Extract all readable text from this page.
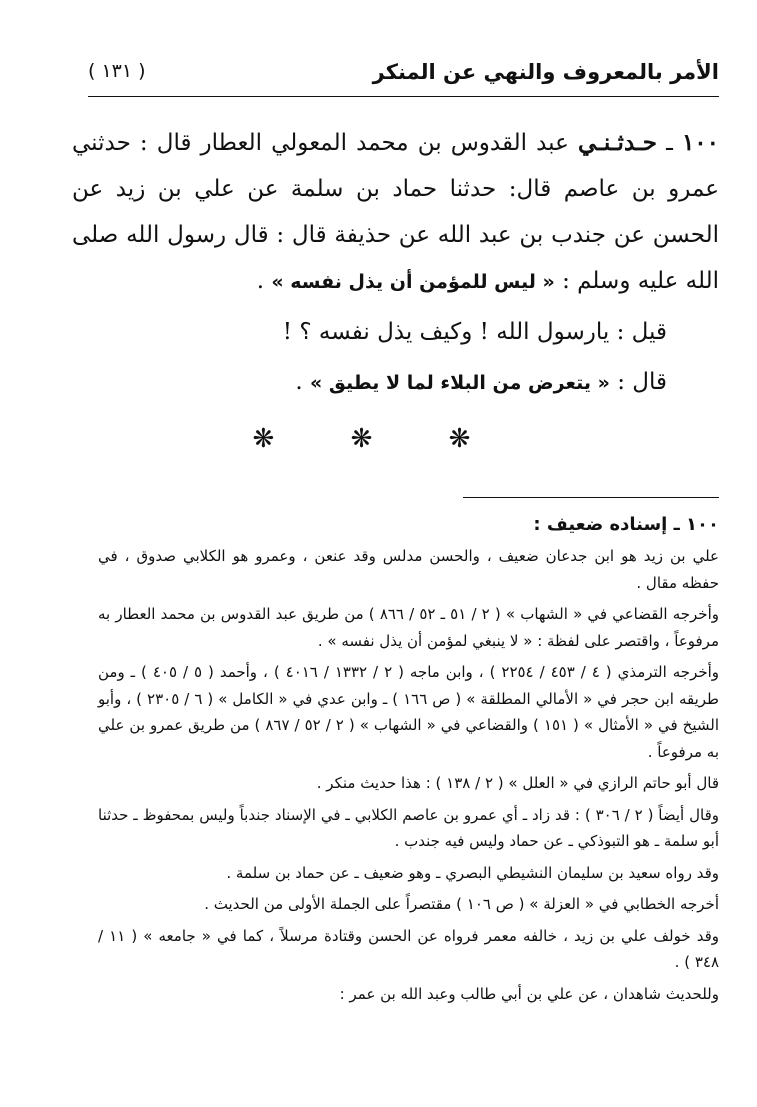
الأمر بالمعروف والنهي عن المنكر
( ١٣١ )

١٠٠ ـ حـدثـنـي عبد القدوس بن محمد المعولي العطار قال : حدثني عمرو بن عاصم قال: حدثنا حماد بن سلمة عن علي بن زيد عن الحسن عن جندب بن عبد الله عن حذيفة قال : قال رسول الله صلى الله عليه وسلم : « ليس للمؤمن أن يذل نفسه » .

قيل : يارسول الله ! وكيف يذل نفسه ؟ !

قال : « يتعرض من البلاء لما لا يطيق » .

❋ ❋ ❋

١٠٠ ـ إسناده ضعيف :

علي بن زيد هو ابن جدعان ضعيف ، والحسن مدلس وقد عنعن ، وعمرو هو الكلابي صدوق ، في حفظه مقال .

وأخرجه القضاعي في « الشهاب » ( ٢ / ٥١ ـ ٥٢ / ٨٦٦ ) من طريق عبد القدوس بن محمد العطار به مرفوعاً ، واقتصر على لفظة : « لا ينبغي لمؤمن أن يذل نفسه » .

وأخرجه الترمذي ( ٤ / ٤٥٣ / ٢٢٥٤ ) ، وابن ماجه ( ٢ / ١٣٣٢ / ٤٠١٦ ) ، وأحمد ( ٥ / ٤٠٥ ) ـ ومن طريقه ابن حجر في « الأمالي المطلقة » ( ص ١٦٦ ) ـ وابن عدي في « الكامل » ( ٦ / ٢٣٠٥ ) ، وأبو الشيخ في « الأمثال » ( ١٥١ ) والقضاعي في « الشهاب » ( ٢ / ٥٢ / ٨٦٧ ) من طريق عمرو بن علي به مرفوعاً .

قال أبو حاتم الرازي في « العلل » ( ٢ / ١٣٨ ) : هذا حديث منكر .

وقال أيضاً ( ٢ / ٣٠٦ ) : قد زاد ـ أي عمرو بن عاصم الكلابي ـ في الإسناد جندباً وليس بمحفوظ ـ حدثنا أبو سلمة ـ هو التبوذكي ـ عن حماد وليس فيه جندب .

وقد رواه سعيد بن سليمان النشيطي البصري ـ وهو ضعيف ـ عن حماد بن سلمة .

أخرجه الخطابي في « العزلة » ( ص ١٠٦ ) مقتصراً على الجملة الأولى من الحديث .

وقد خولف علي بن زيد ، خالفه معمر فرواه عن الحسن وقتادة مرسلاً ، كما في « جامعه » ( ١١ / ٣٤٨ ) .

وللحديث شاهدان ، عن علي بن أبي طالب وعبد الله بن عمر :
